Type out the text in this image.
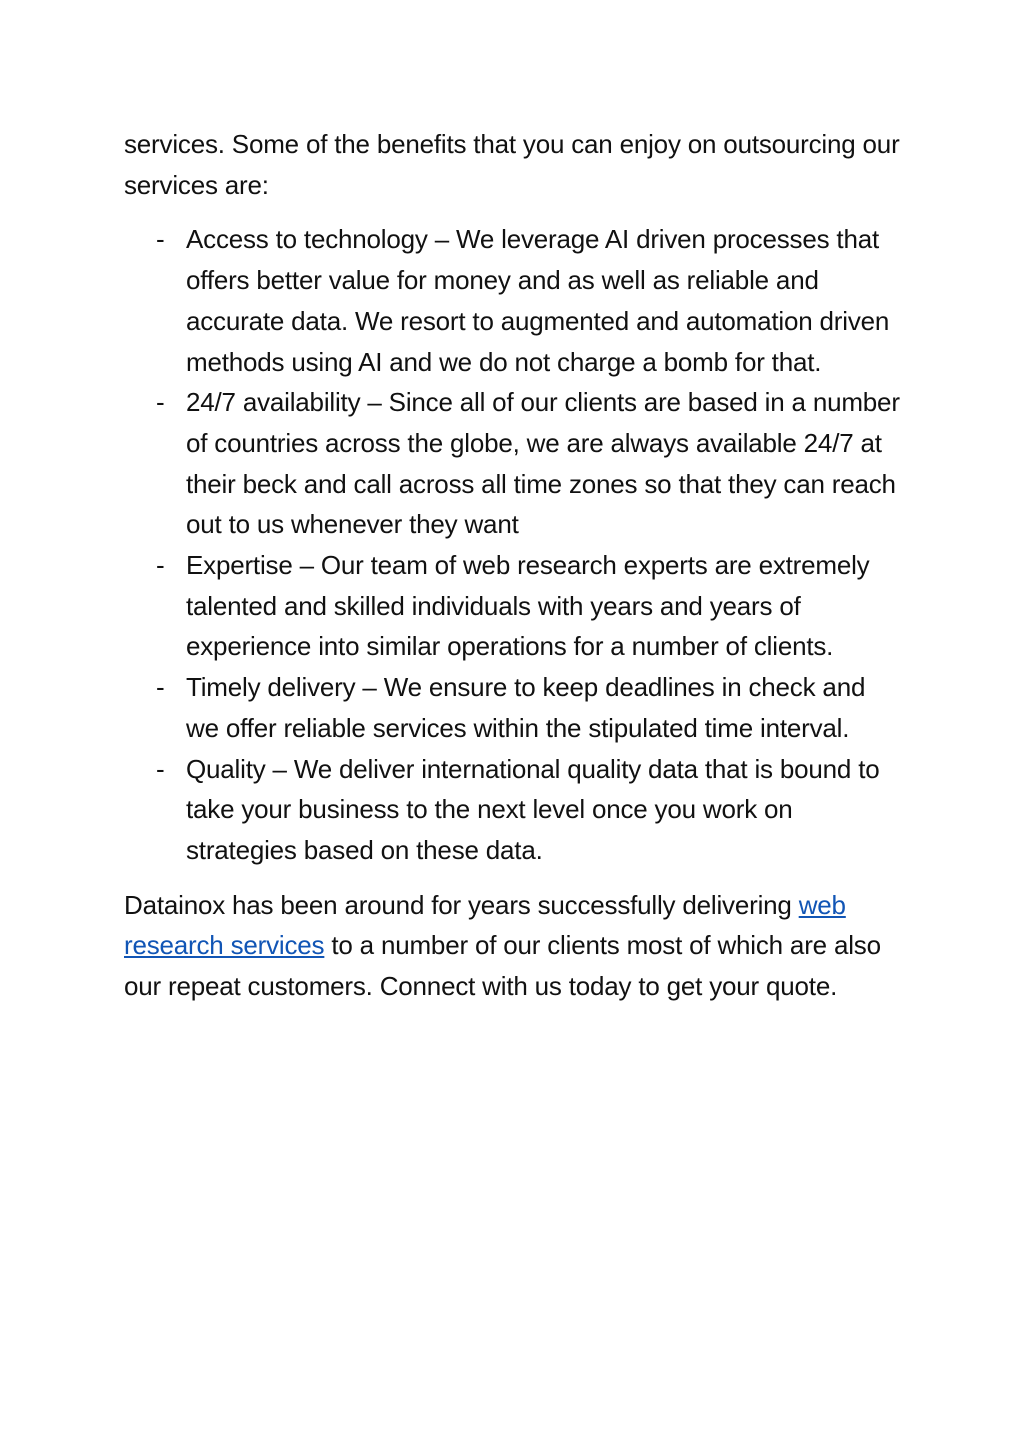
services. Some of the benefits that you can enjoy on outsourcing our services are:

- Access to technology – We leverage AI driven processes that offers better value for money and as well as reliable and accurate data. We resort to augmented and automation driven methods using AI and we do not charge a bomb for that.
- 24/7 availability – Since all of our clients are based in a number of countries across the globe, we are always available 24/7 at their beck and call across all time zones so that they can reach out to us whenever they want
- Expertise – Our team of web research experts are extremely talented and skilled individuals with years and years of experience into similar operations for a number of clients.
- Timely delivery – We ensure to keep deadlines in check and we offer reliable services within the stipulated time interval.
- Quality – We deliver international quality data that is bound to take your business to the next level once you work on strategies based on these data.

Datainox has been around for years successfully delivering web research services to a number of our clients most of which are also our repeat customers. Connect with us today to get your quote.
